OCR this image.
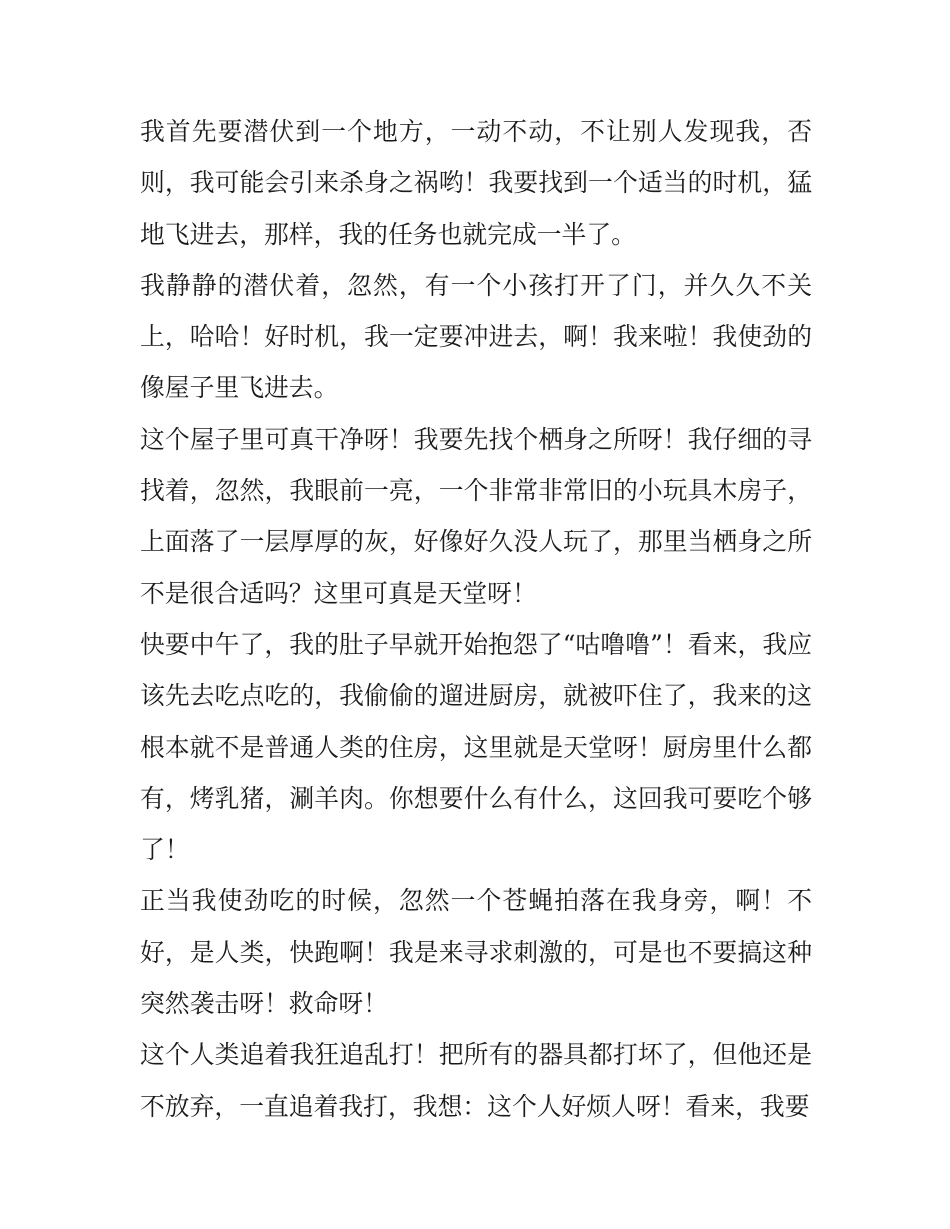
我首先要潜伏到一个地方，一动不动，不让别人发现我，否则，我可能会引来杀身之祸哟！我要找到一个适当的时机，猛地飞进去，那样，我的任务也就完成一半了。

我静静的潜伏着，忽然，有一个小孩打开了门，并久久不关上，哈哈！好时机，我一定要冲进去，啊！我来啦！我使劲的像屋子里飞进去。

这个屋子里可真干净呀！我要先找个栖身之所呀！我仔细的寻找着，忽然，我眼前一亮，一个非常非常旧的小玩具木房子，上面落了一层厚厚的灰，好像好久没人玩了，那里当栖身之所不是很合适吗？这里可真是天堂呀！

快要中午了，我的肚子早就开始抱怨了“咕噜噜”！看来，我应该先去吃点吃的，我偷偷的遛进厨房，就被吓住了，我来的这根本就不是普通人类的住房，这里就是天堂呀！厨房里什么都有，烤乳猪，涮羊肉。你想要什么有什么，这回我可要吃个够了！

正当我使劲吃的时候，忽然一个苍蝇拍落在我身旁，啊！不好，是人类，快跑啊！我是来寻求刺激的，可是也不要搞这种突然袭击呀！救命呀！

这个人类追着我狂追乱打！把所有的器具都打坏了，但他还是不放弃，一直追着我打，我想：这个人好烦人呀！看来，我要
